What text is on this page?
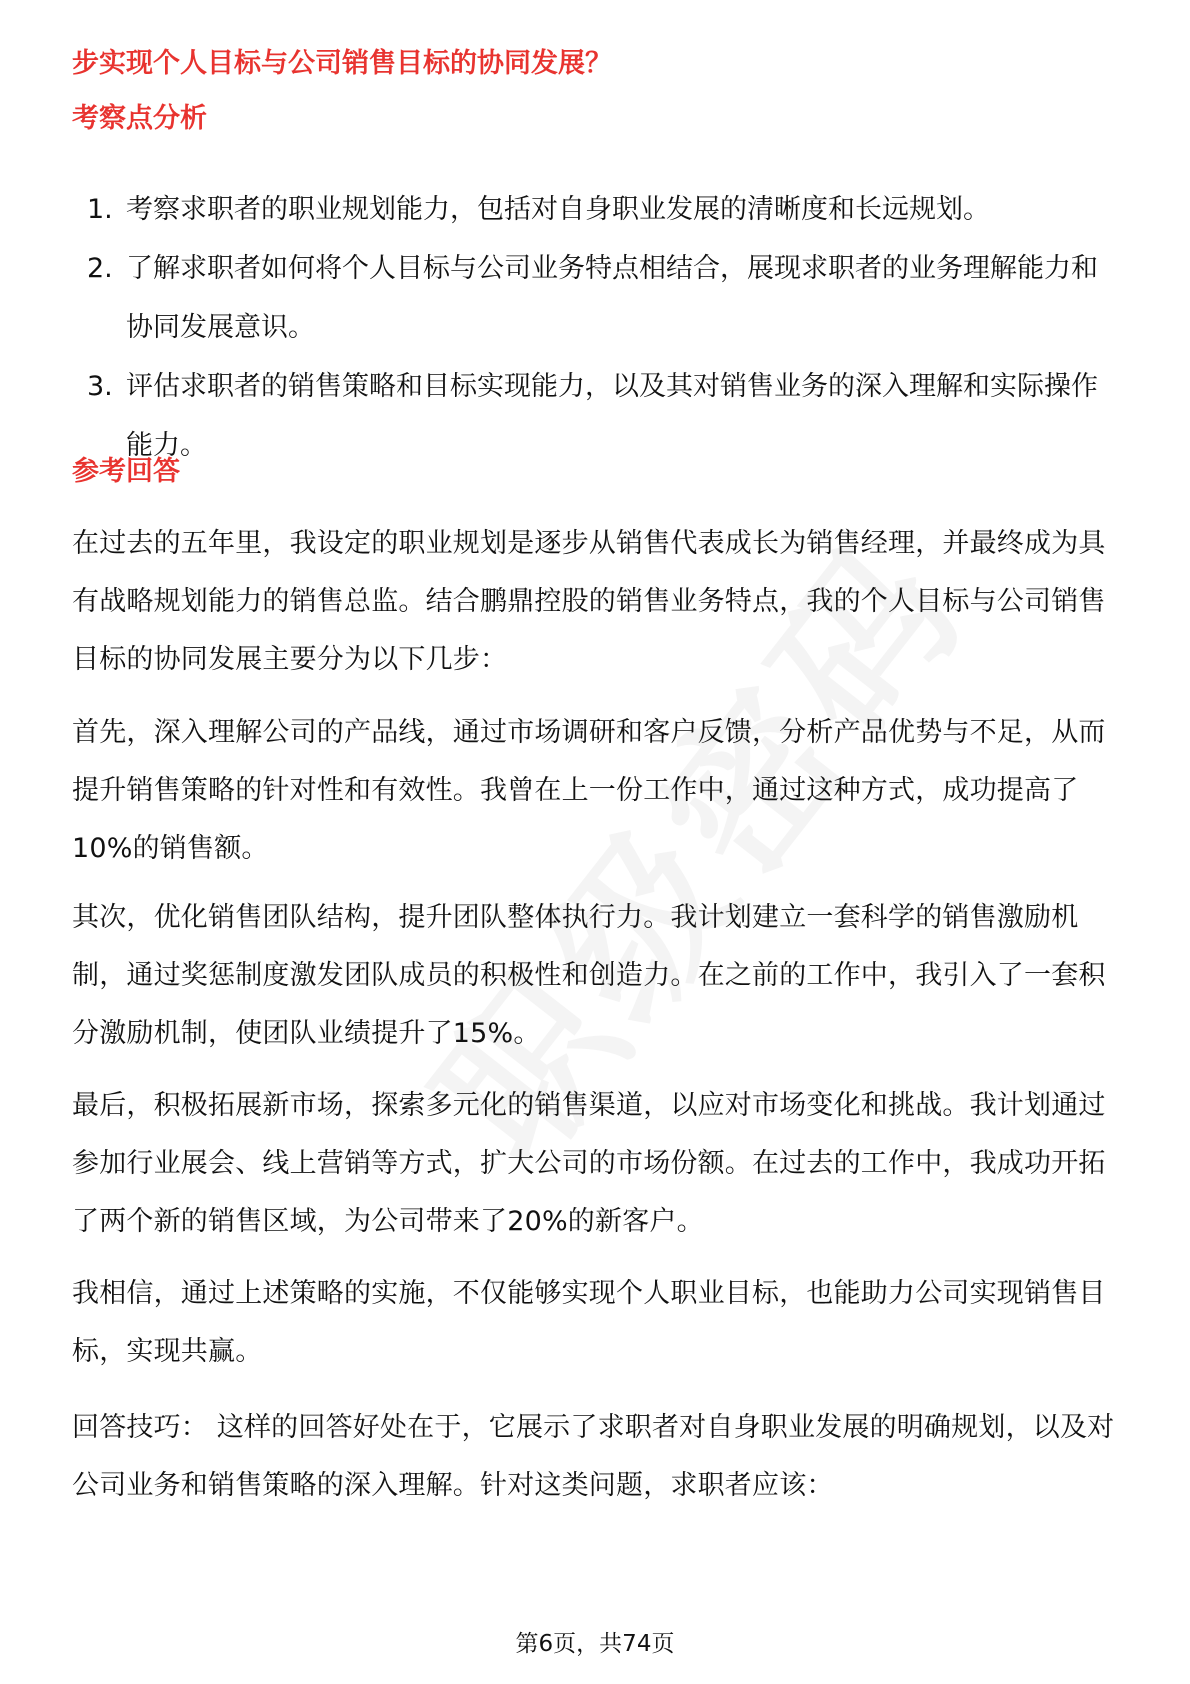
步实现个人目标与公司销售目标的协同发展？
考察点分析
1. 考察求职者的职业规划能力，包括对自身职业发展的清晰度和长远规划。
2. 了解求职者如何将个人目标与公司业务特点相结合，展现求职者的业务理解能力和协同发展意识。
3. 评估求职者的销售策略和目标实现能力，以及其对销售业务的深入理解和实际操作能力。
参考回答

在过去的五年里，我设定的职业规划是逐步从销售代表成长为销售经理，并最终成为具有战略规划能力的销售总监。结合鹏鼎控股的销售业务特点，我的个人目标与公司销售目标的协同发展主要分为以下几步：

首先，深入理解公司的产品线，通过市场调研和客户反馈，分析产品优势与不足，从而提升销售策略的针对性和有效性。我曾在上一份工作中，通过这种方式，成功提高了10%的销售额。

其次，优化销售团队结构，提升团队整体执行力。我计划建立一套科学的销售激励机制，通过奖惩制度激发团队成员的积极性和创造力。在之前的工作中，我引入了一套积分激励机制，使团队业绩提升了15%。

最后，积极拓展新市场，探索多元化的销售渠道，以应对市场变化和挑战。我计划通过参加行业展会、线上营销等方式，扩大公司的市场份额。在过去的工作中，我成功开拓了两个新的销售区域，为公司带来了20%的新客户。

我相信，通过上述策略的实施，不仅能够实现个人职业目标，也能助力公司实现销售目标，实现共赢。

回答技巧： 这样的回答好处在于，它展示了求职者对自身职业发展的明确规划，以及对公司业务和销售策略的深入理解。针对这类问题，求职者应该：

第6页，共74页
